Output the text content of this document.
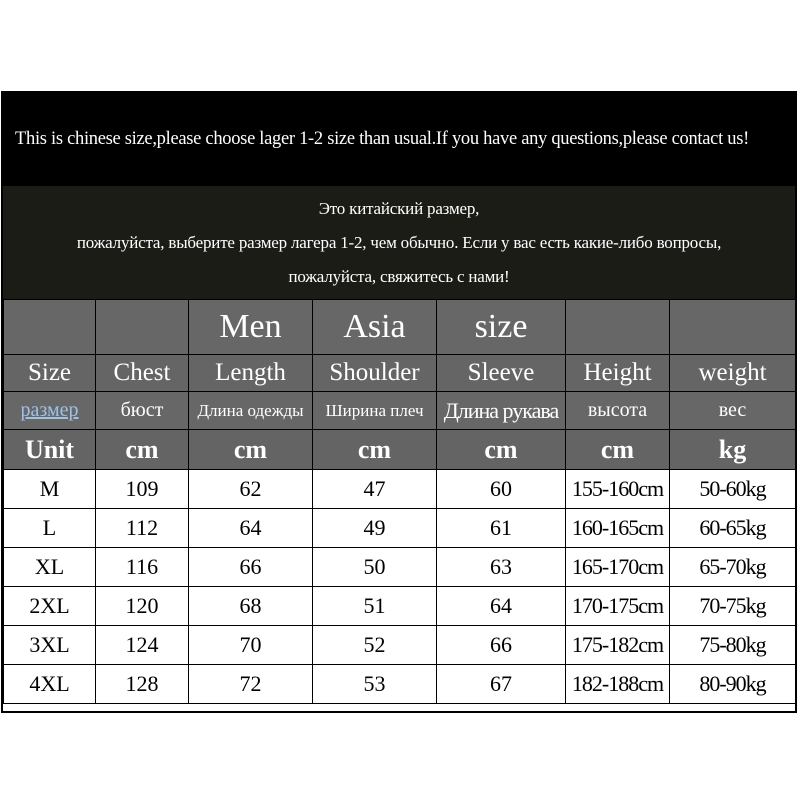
This is chinese size,please choose lager 1-2 size than usual.If you have any questions,please contact us!
Это китайский размер,
пожалуйста, выберите размер лагера 1-2, чем обычно. Если у вас есть какие-либо вопросы,
пожалуйста, свяжитесь с нами!
		Men	Asia	size		
Size	Chest	Length	Shoulder	Sleeve	Height	weight
размер	бюст	Длина одежды	Ширина плеч	Длина рукава	высота	вес
Unit	cm	cm	cm	cm	cm	kg
M	109	62	47	60	155-160cm	50-60kg
L	112	64	49	61	160-165cm	60-65kg
XL	116	66	50	63	165-170cm	65-70kg
2XL	120	68	51	64	170-175cm	70-75kg
3XL	124	70	52	66	175-182cm	75-80kg
4XL	128	72	53	67	182-188cm	80-90kg
